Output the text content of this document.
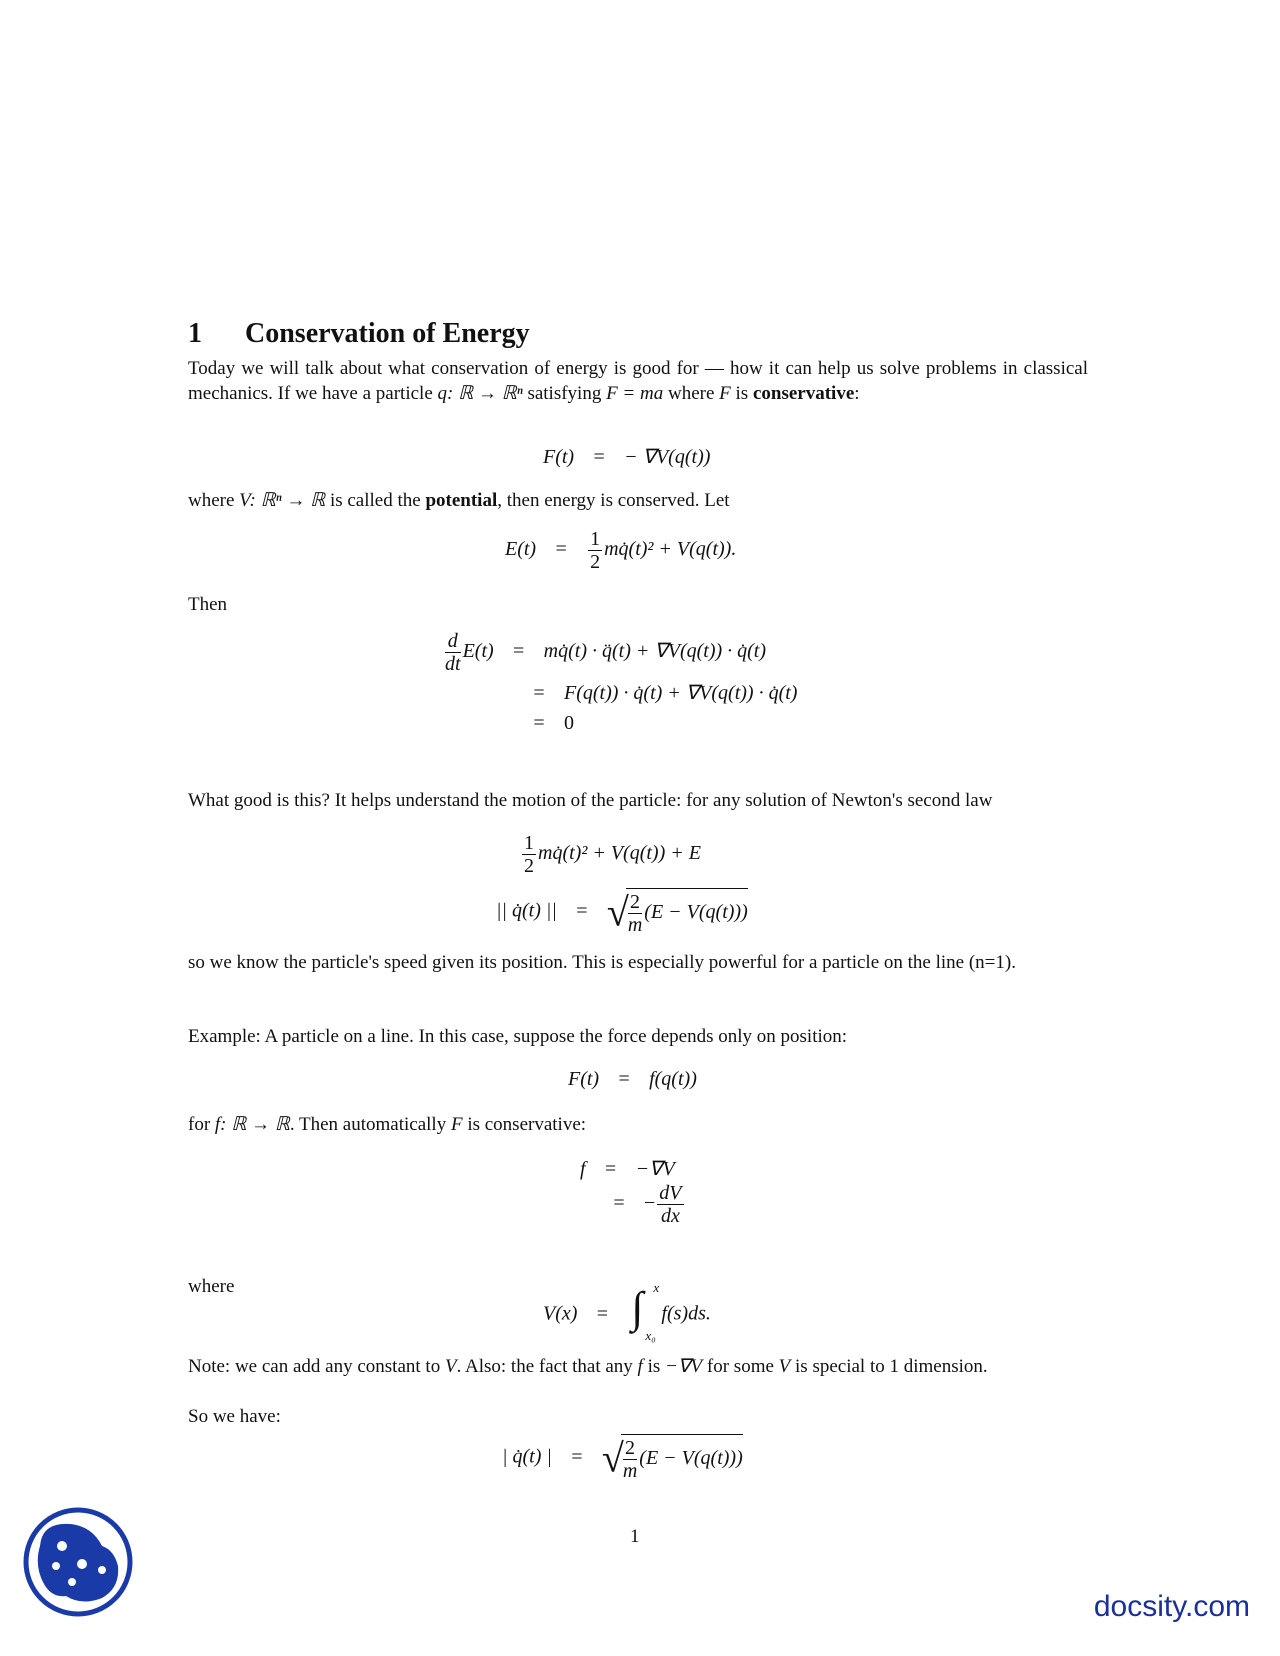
1 Conservation of Energy
Today we will talk about what conservation of energy is good for — how it can help us solve problems in classical mechanics. If we have a particle q: ℝ → ℝⁿ satisfying F = ma where F is conservative:
F(t) = − ∇V(q(t))
where V: ℝⁿ → ℝ is called the potential, then energy is conserved. Let
$E(t) = \frac{1}{2}$ mq̇(t)² + V(q(t)).
Then
$\frac{d}{dt} E(t)$ = mq̇(t) · q̈(t) + ∇V(q(t)) · q̇(t)
= F(q(t)) · q̇(t) + ∇V(q(t)) · q̇(t)
= 0
What good is this? It helps understand the motion of the particle: for any solution of Newton's second law
$\frac{1}{2}$ mq̇(t)² + V(q(t)) + E
|| q̇(t) || = √ $\frac{2}{m} (E - V(q(t)))$
so we know the particle's speed given its position. This is especially powerful for a particle on the line (n=1).
Example: A particle on a line. In this case, suppose the force depends only on position:
F(t) = f(q(t))
for f: ℝ → ℝ. Then automatically F is conservative:
f = −∇V
= − $\frac{dV}{dx}$
where
V(x) = ∫ x
x₀
f(s)ds.
Note: we can add any constant to V. Also: the fact that any f is −∇V for some V is special to 1 dimension.
So we have:
| q̇(t) | = √ $\frac{2}{m} (E - V(q(t)))$
1
docsity.com
